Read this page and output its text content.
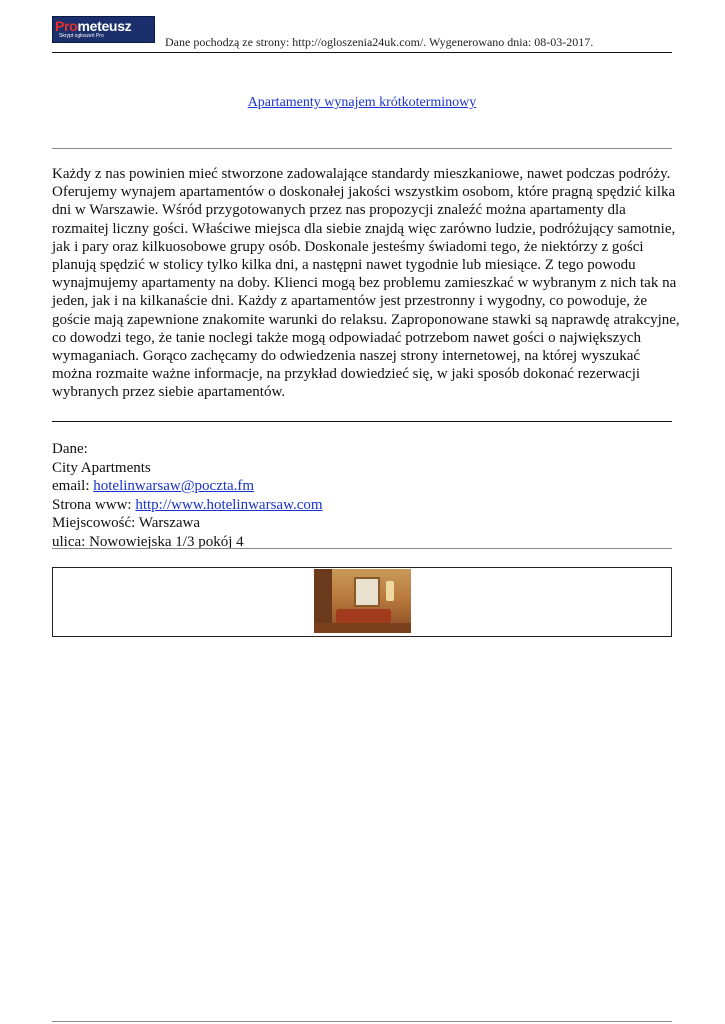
Prometeusz
Skrypt ogłoszeń Pro	Dane pochodzą ze strony: http://ogloszenia24uk.com/. Wygenerowano dnia: 08-03-2017.
Apartamenty wynajem krótkoterminowy
Każdy z nas powinien mieć stworzone zadowalające standardy mieszkaniowe, nawet podczas podróży.
Oferujemy wynajem apartamentów o doskonałej jakości wszystkim osobom, które pragną spędzić kilka
dni w Warszawie. Wśród przygotowanych przez nas propozycji znaleźć można apartamenty dla
rozmaitej liczny gości. Właściwe miejsca dla siebie znajdą więc zarówno ludzie, podróżujący samotnie,
jak i pary oraz kilkuosobowe grupy osób. Doskonale jesteśmy świadomi tego, że niektórzy z gości
planują spędzić w stolicy tylko kilka dni, a następni nawet tygodnie lub miesiące. Z tego powodu
wynajmujemy apartamenty na doby. Klienci mogą bez problemu zamieszkać w wybranym z nich tak na
jeden, jak i na kilkanaście dni. Każdy z apartamentów jest przestronny i wygodny, co powoduje, że
goście mają zapewnione znakomite warunki do relaksu. Zaproponowane stawki są naprawdę atrakcyjne,
co dowodzi tego, że tanie noclegi także mogą odpowiadać potrzebom nawet gości o największych
wymaganiach. Gorąco zachęcamy do odwiedzenia naszej strony internetowej, na której wyszukać
można rozmaite ważne informacje, na przykład dowiedzieć się, w jaki sposób dokonać rezerwacji
wybranych przez siebie apartamentów.
Dane:
City Apartments
email: hotelinwarsaw@poczta.fm
Strona www: http://www.hotelinwarsaw.com
Miejscowość: Warszawa
ulica: Nowowiejska 1/3 pokój 4
